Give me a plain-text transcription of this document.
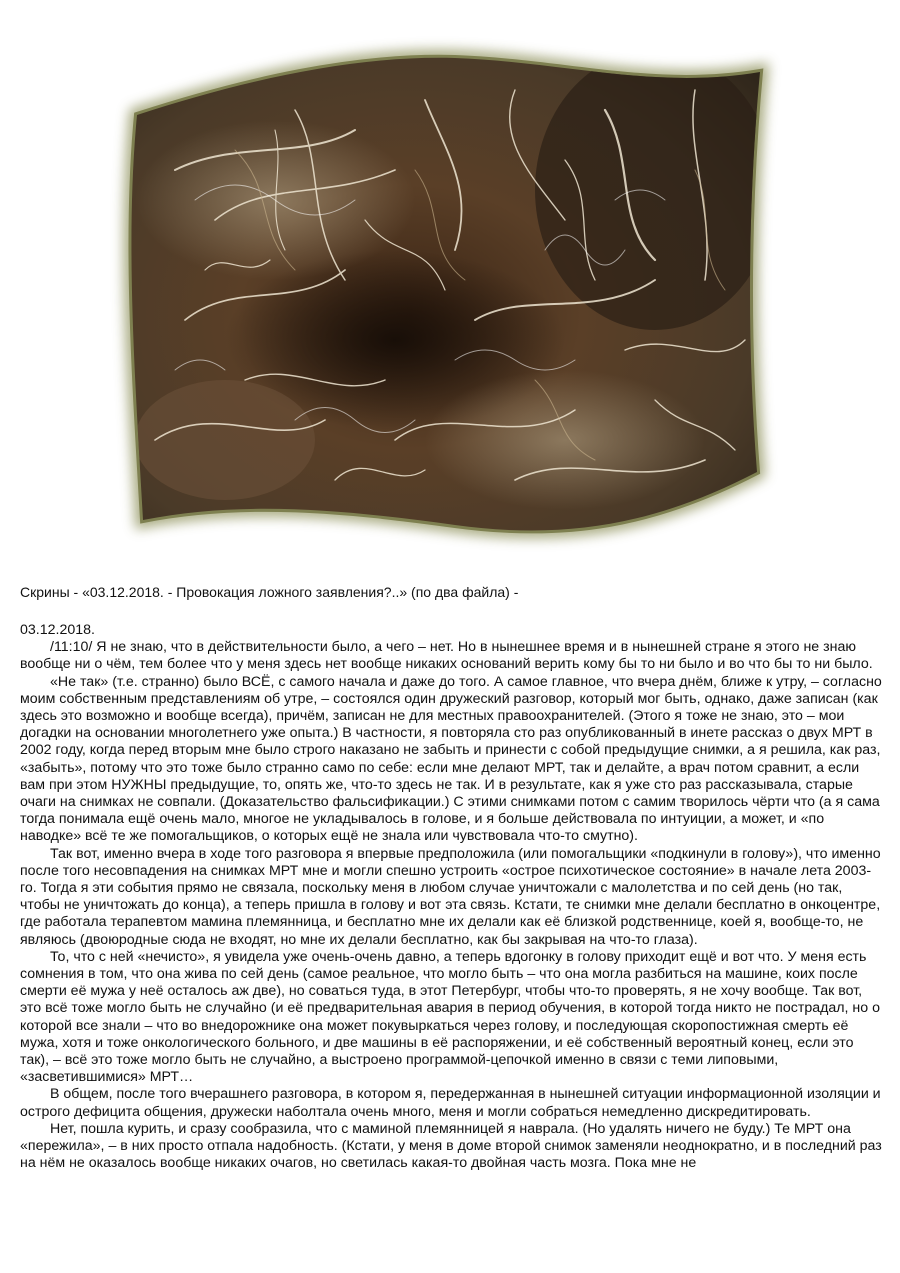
Скрины - «03.12.2018. - Провокация ложного заявления?..» (по два файла) -

03.12.2018.

/11:10/ Я не знаю, что в действительности было, а чего – нет. Но в нынешнее время и в нынешней стране я этого не знаю вообще ни о чём, тем более что у меня здесь нет вообще никаких оснований верить кому бы то ни было и во что бы то ни было.

«Не так» (т.е. странно) было ВСЁ, с самого начала и даже до того. А самое главное, что вчера днём, ближе к утру, – согласно моим собственным представлениям об утре, – состоялся один дружеский разговор, который мог быть, однако, даже записан (как здесь это возможно и вообще всегда), причём, записан не для местных правоохранителей. (Этого я тоже не знаю, это – мои догадки на основании многолетнего уже опыта.) В частности, я повторяла сто раз опубликованный в инете рассказ о двух МРТ в 2002 году, когда перед вторым мне было строго наказано не забыть и принести с собой предыдущие снимки, а я решила, как раз, «забыть», потому что это тоже было странно само по себе: если мне делают МРТ, так и делайте, а врач потом сравнит, а если вам при этом НУЖНЫ предыдущие, то, опять же, что-то здесь не так. И в результате, как я уже сто раз рассказывала, старые очаги на снимках не совпали. (Доказательство фальсификации.) С этими снимками потом с самим творилось чёрти что (а я сама тогда понимала ещё очень мало, многое не укладывалось в голове, и я больше действовала по интуиции, а может, и «по наводке» всё те же помогальщиков, о которых ещё не знала или чувствовала что-то смутно).

Так вот, именно вчера в ходе того разговора я впервые предположила (или помогальщики «подкинули в голову»), что именно после того несовпадения на снимках МРТ мне и могли спешно устроить «острое психотическое состояние» в начале лета 2003-го. Тогда я эти события прямо не связала, поскольку меня в любом случае уничтожали с малолетства и по сей день (но так, чтобы не уничтожать до конца), а теперь пришла в голову и вот эта связь. Кстати, те снимки мне делали бесплатно в онкоцентре, где работала терапевтом мамина племянница, и бесплатно мне их делали как её близкой родственнице, коей я, вообще-то, не являюсь (двоюродные сюда не входят, но мне их делали бесплатно, как бы закрывая на что-то глаза).

То, что с ней «нечисто», я увидела уже очень-очень давно, а теперь вдогонку в голову приходит ещё и вот что. У меня есть сомнения в том, что она жива по сей день (самое реальное, что могло быть – что она могла разбиться на машине, коих после смерти её мужа у неё осталось аж две), но соваться туда, в этот Петербург, чтобы что-то проверять, я не хочу вообще. Так вот, это всё тоже могло быть не случайно (и её предварительная авария в период обучения, в которой тогда никто не пострадал, но о которой все знали – что во внедорожнике она может покувыркаться через голову, и последующая скоропостижная смерть её мужа, хотя и тоже онкологического больного, и две машины в её распоряжении, и её собственный вероятный конец, если это так), – всё это тоже могло быть не случайно, а выстроено программой-цепочкой именно в связи с теми липовыми, «засветившимися» МРТ…

В общем, после того вчерашнего разговора, в котором я, передержанная в нынешней ситуации информационной изоляции и острого дефицита общения, дружески наболтала очень много, меня и могли собраться немедленно дискредитировать.

Нет, пошла курить, и сразу сообразила, что с маминой племянницей я наврала. (Но удалять ничего не буду.) Те МРТ она «пережила», – в них просто отпала надобность. (Кстати, у меня в доме второй снимок заменяли неоднократно, и в последний раз на нём не оказалось вообще никаких очагов, но светилась какая-то двойная часть мозга. Пока мне не
